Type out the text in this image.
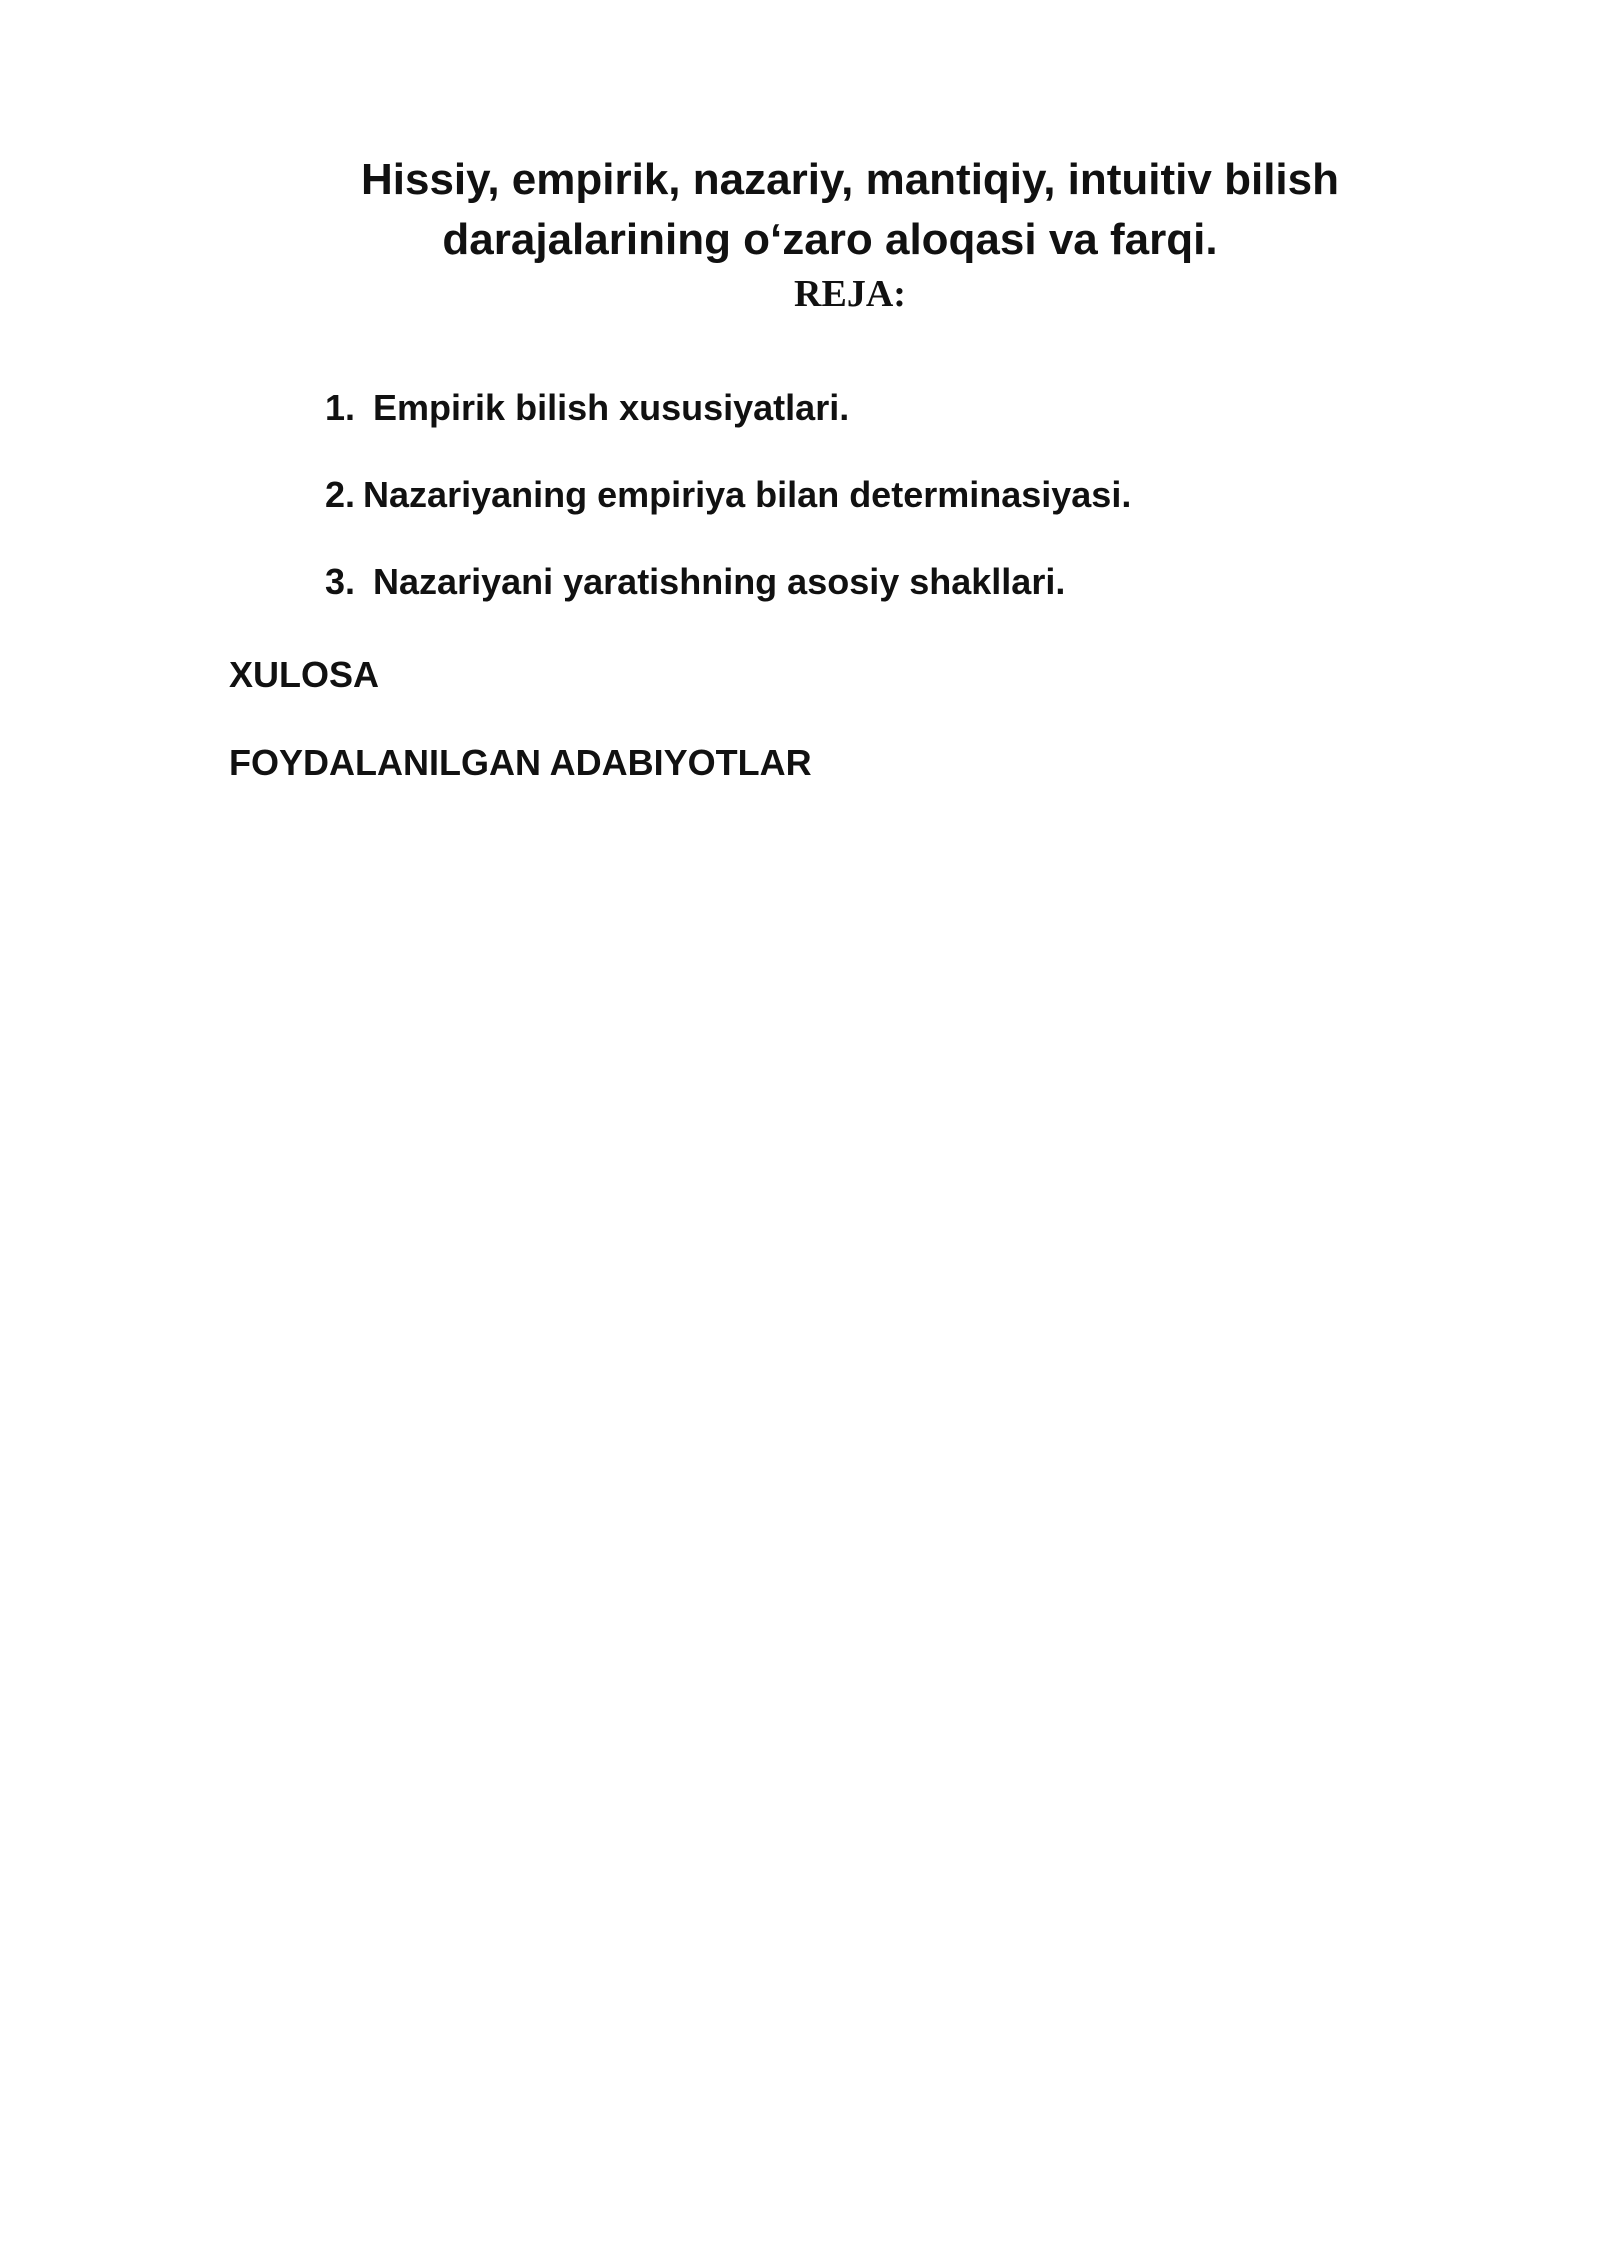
Hissiy, empirik, nazariy, mantiqiy, intuitiv bilish
darajalarining o‘zaro aloqasi va farqi.
REJA:
1. Empirik bilish xususiyatlari.
2. Nazariyaning empiriya bilan determinasiyasi.
3. Nazariyani yaratishning asosiy shakllari.

XULOSA

FOYDALANILGAN ADABIYOTLAR
